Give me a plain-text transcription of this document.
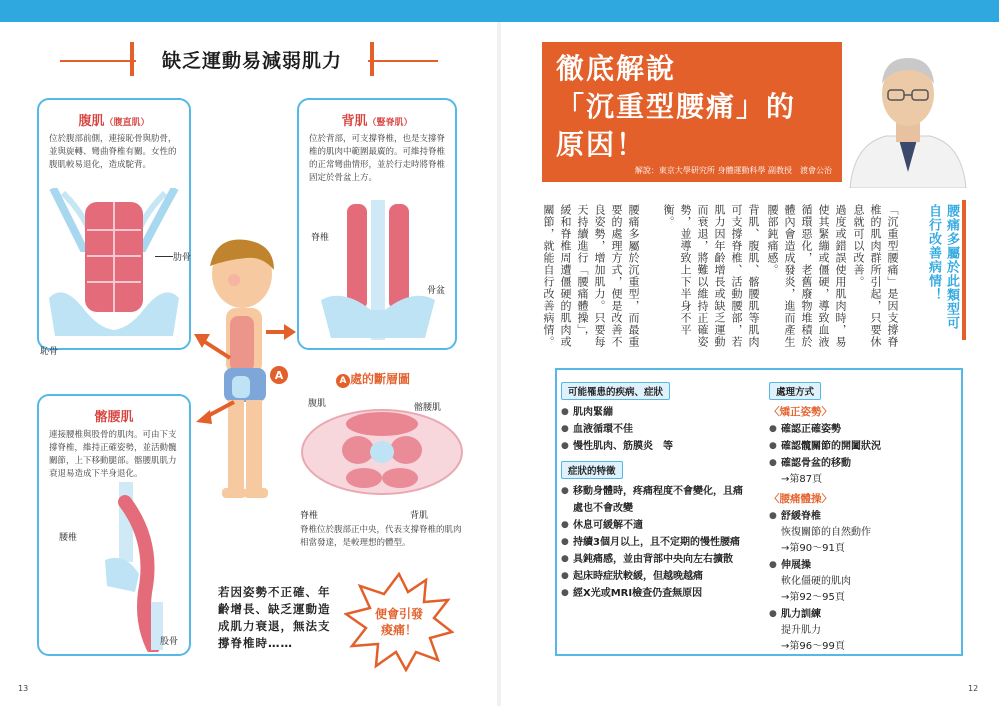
缺乏運動易減弱肌力
腹肌（腹直肌）
位於腹部前側，連接恥骨與肋骨，並與旋轉、彎曲脊椎有關。女性的腹肌較易退化，造成駝背。
肋骨
恥骨
背肌（豎脊肌）
位於背部，可支撐脊椎，也是支撐脊椎的肌肉中範圍最廣的。可維持脊椎的正常彎曲情形，並於行走時將脊椎固定於骨盆上方。
脊椎
骨盆
A
髂腰肌
連接腰椎與股骨的肌肉。可由下支撐脊椎，維持正確姿勢，並活動髖關節，上下移動腿部。髂腰肌肌力衰退易造成下半身退化。
腰椎
股骨
A 處的斷層圖
腹肌	髂腰肌
脊椎	背肌
脊椎位於腹部正中央，代表支撐脊椎的肌肉相當發達，是較理想的體型。
若因姿勢不正確、年齡增長、缺乏運動造成肌力衰退，無法支撐脊椎時……
便會引發痠痛！
13
徹底解說
「沉重型腰痛」的
原因！
解說：東京大學研究所 身體運動科學 副教授　渡會公治
腰痛多屬於此類型可自行改善病情！
「沉重型腰痛」是因支撐脊椎的肌肉群所引起，只要休息就可以改善。
過度或錯誤使用肌肉時，易使其緊繃或僵硬，導致血液循環惡化，老舊廢物堆積於體內會造成發炎，進而產生腰部鈍痛感。
背肌、腹肌、髂腰肌等肌肉可支撐脊椎、活動腰部，若肌力因年齡增長或缺乏運動而衰退，將難以維持正確姿勢，並導致上下半身不平衡。
腰痛多屬於沉重型，而最重要的處理方式，便是改善不良姿勢，增加肌力。只要每天持續進行「腰痛體操」，緩和脊椎周遭僵硬的肌肉或關節，就能自行改善病情。
可能罹患的疾病、症狀
● 肌肉緊繃
● 血液循環不佳
● 慢性肌肉、筋膜炎　等
症狀的特徵
● 移動身體時，疼痛程度不會變化，且痛處也不會改變
● 休息可緩解不適
● 持續3個月以上，且不定期的慢性腰痛
● 具鈍痛感，並由背部中央向左右擴散
● 起床時症狀較緩，但越晚越痛
● 經X光或MRI檢查仍查無原因
處理方式
〈矯正姿勢〉
● 確認正確姿勢
● 確認髖關節的開闔狀況
● 確認骨盆的移動
→第87頁
〈腰痛體操〉
● 舒緩脊椎
恢復關節的自然動作
→第90～91頁
● 伸展操
軟化僵硬的肌肉
→第92～95頁
● 肌力訓練
提升肌力
→第96～99頁
12
